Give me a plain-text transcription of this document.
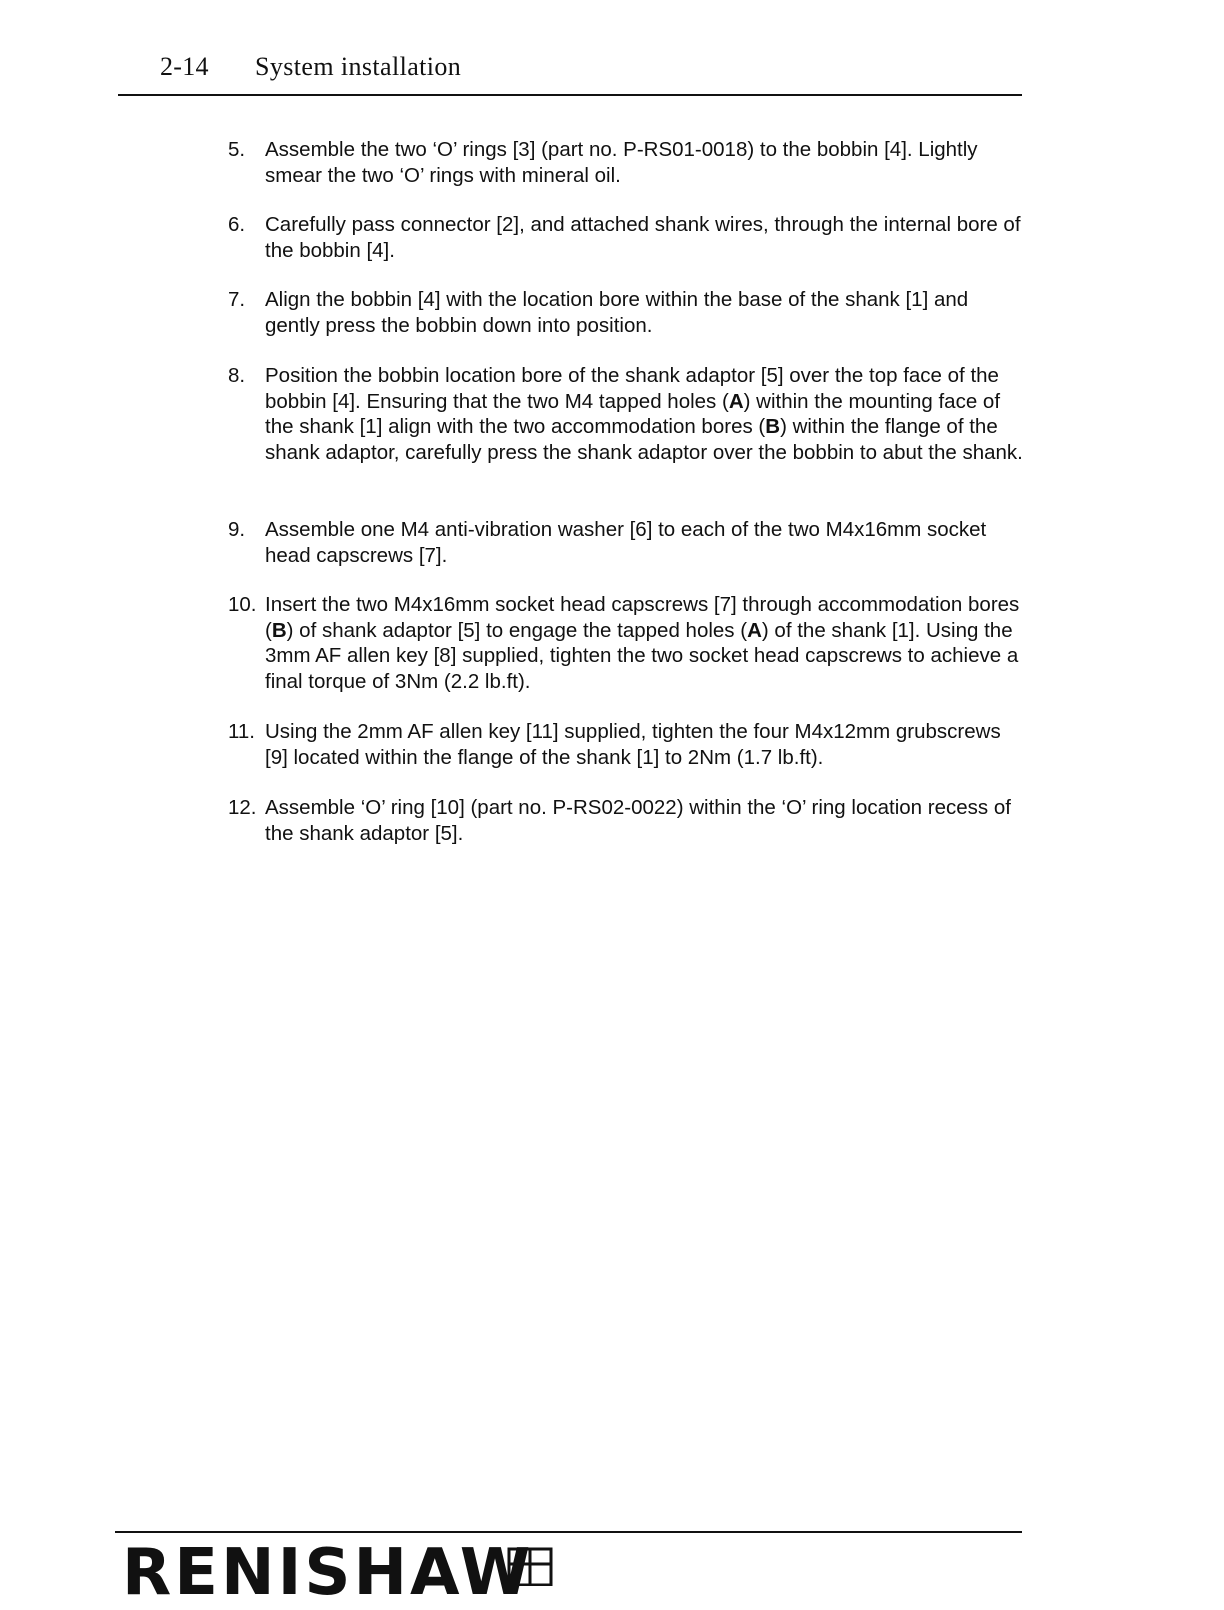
2-14 System installation
5. Assemble the two ‘O’ rings [3] (part no. P-RS01-0018) to the bobbin [4]. Lightly smear the two ‘O’ rings with mineral oil.
6. Carefully pass connector [2], and attached shank wires, through the internal bore of the bobbin [4].
7. Align the bobbin [4] with the location bore within the base of the shank [1] and gently press the bobbin down into position.
8. Position the bobbin location bore of the shank adaptor [5] over the top face of the bobbin [4]. Ensuring that the two M4 tapped holes (A) within the mounting face of the shank [1] align with the two accommodation bores (B) within the flange of the shank adaptor, carefully press the shank adaptor over the bobbin to abut the shank.
9. Assemble one M4 anti-vibration washer [6] to each of the two M4x16mm socket head capscrews [7].
10. Insert the two M4x16mm socket head capscrews [7] through accommodation bores (B) of shank adaptor [5] to engage the tapped holes (A) of the shank [1]. Using the 3mm AF allen key [8] supplied, tighten the two socket head capscrews to achieve a final torque of 3Nm (2.2 lb.ft).
11. Using the 2mm AF allen key [11] supplied, tighten the four M4x12mm grubscrews [9] located within the flange of the shank [1] to 2Nm (1.7 lb.ft).
12. Assemble ‘O’ ring [10] (part no. P-RS02-0022) within the ‘O’ ring location recess of the shank adaptor [5].
RENISHAW
